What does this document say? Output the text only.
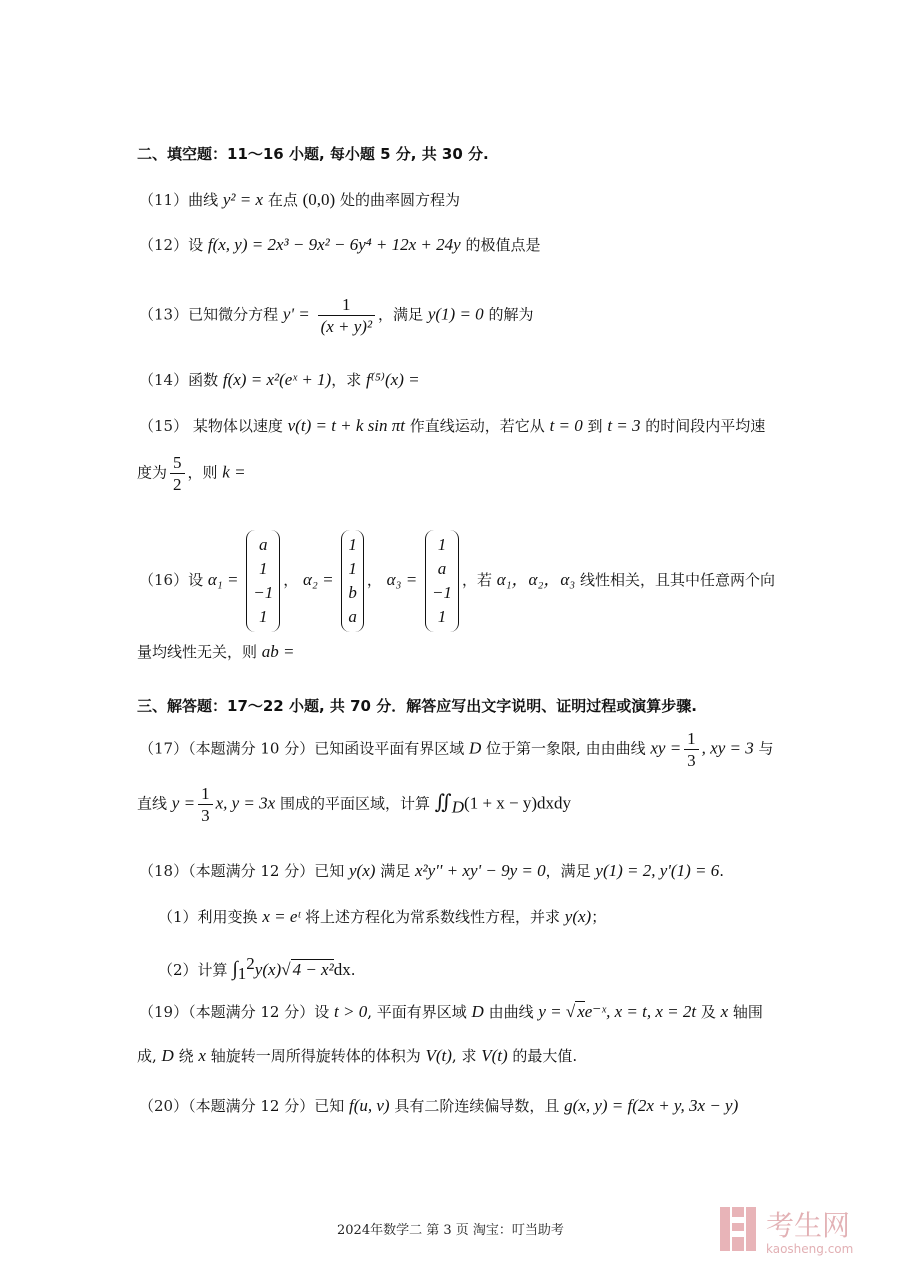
二、填空题：11～16 小题, 每小题 5 分, 共 30 分.
（11）曲线 y² = x 在点 (0,0) 处的曲率圆方程为
（12）设 f(x, y) = 2x³ − 9x² − 6y⁴ + 12x + 24y 的极值点是
（13）已知微分方程 $y' = \frac{1}{\text{(x + y)²}}$ ，满足 y(1) = 0 的解为
（14）函数 f(x) = x²(eˣ + 1)，求 f⁽⁵⁾(x) =
（15） 某物体以速度 v(t) = t + k sin πt 作直线运动，若它从 t = 0 到 t = 3 的时间段内平均速
度为 $\frac{5}{2}$ ，则 k =
（16）设 α₁ =
a
1
−1
1
， α₂ =
1
1
b
a
， α₃ =
1
a
−1
1
，若 α₁，α₂，α₃ 线性相关，且其中任意两个向
量均线性无关，则 ab =
三、解答题：17～22 小题, 共 70 分．解答应写出文字说明、证明过程或演算步骤.
（17）（本题满分 10 分）已知函设平面有界区域 D 位于第一象限, 由由曲线 xy = $\frac{1}{3}$ , xy = 3 与
直线 $y = \frac{1}{3} x$, y = 3x 围成的平面区域，计算 $∬_D(1 + x$ − y)dxdy
（18）（本题满分 12 分）已知 y(x) 满足 x²y'' + xy' − 9y = 0，满足 y(1) = 2, y'(1) = 6.
（1）利用变换 x = eᵗ 将上述方程化为常系数线性方程，并求 y(x)；
（2）计算 $\int_1^2y(x)√$ 4 − x²dx.
（19）（本题满分 12 分）设 t > 0, 平面有界区域 D 由曲线 y = √ xe⁻ˣ, x = t, x = 2t 及 x 轴围
成, D 绕 x 轴旋转一周所得旋转体的体积为 V(t), 求 V(t) 的最大值.
（20）（本题满分 12 分）已知 f(u, v) 具有二阶连续偏导数，且 g(x, y) = f(2x + y, 3x − y)
2024年数学二 第 3 页 淘宝：叮当助考	考生网
kaosheng.com
